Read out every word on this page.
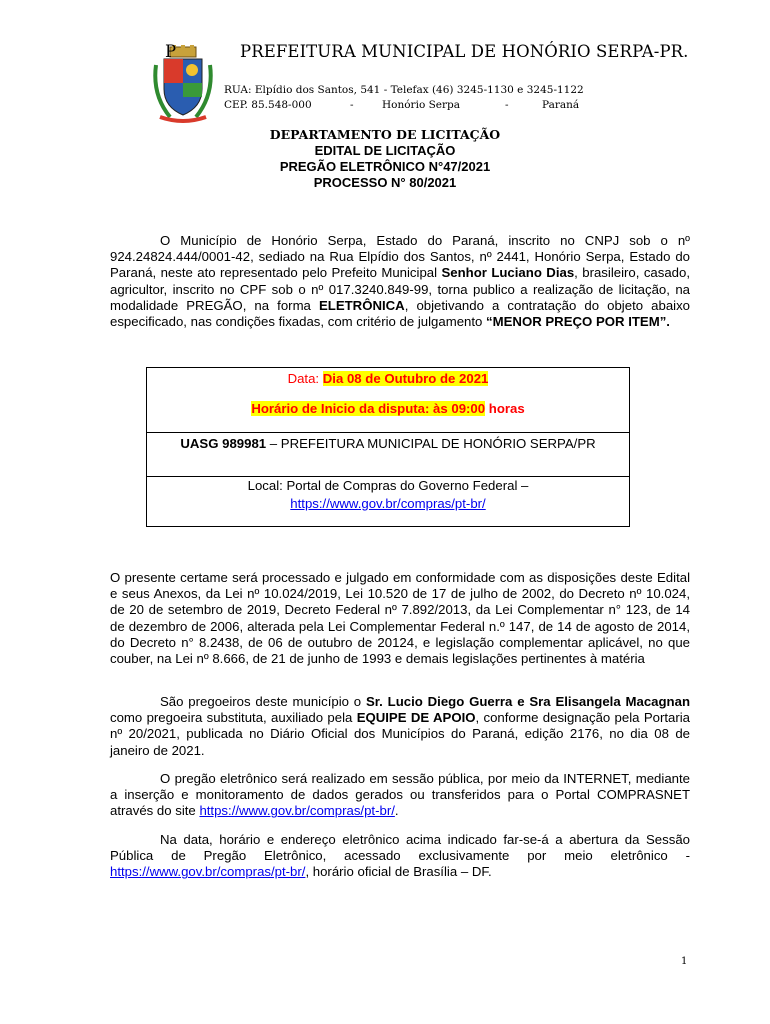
P	PREFEITURA MUNICIPAL DE HONÓRIO SERPA-PR.
RUA: Elpídio dos Santos, 541 - Telefax (46) 3245-1130 e 3245-1122
CEP. 85.548-000	-	Honório Serpa	-	Paraná
DEPARTAMENTO DE LICITAÇÃO
EDITAL DE LICITAÇÃO
PREGÃO ELETRÔNICO N°47/2021
PROCESSO N° 80/2021
O Município de Honório Serpa, Estado do Paraná, inscrito no CNPJ sob o nº 924.24824.444/0001-42, sediado na Rua Elpídio dos Santos, nº 2441, Honório Serpa, Estado do Paraná, neste ato representado pelo Prefeito Municipal Senhor Luciano Dias, brasileiro, casado, agricultor, inscrito no CPF sob o nº 017.3240.849-99, torna publico a realização de licitação, na modalidade PREGÃO, na forma ELETRÔNICA, objetivando a contratação do objeto abaixo especificado, nas condições fixadas, com critério de julgamento “MENOR PREÇO POR ITEM”.
Data: Dia 08 de Outubro de 2021
Horário de Inicio da disputa: às 09:00 horas
UASG 989981 – PREFEITURA MUNICIPAL DE HONÓRIO SERPA/PR
Local: Portal de Compras do Governo Federal –
https://www.gov.br/compras/pt-br/
O presente certame será processado e julgado em conformidade com as disposições deste Edital e seus Anexos, da Lei nº 10.024/2019, Lei 10.520 de 17 de julho de 2002, do Decreto nº 10.024, de 20 de setembro de 2019, Decreto Federal nº 7.892/2013, da Lei Complementar n° 123, de 14 de dezembro de 2006, alterada pela Lei Complementar Federal n.º 147, de 14 de agosto de 2014, do Decreto n° 8.2438, de 06 de outubro de 20124, e legislação complementar aplicável, no que couber, na Lei nº 8.666, de 21 de junho de 1993 e demais legislações pertinentes à matéria
São pregoeiros deste município o Sr. Lucio Diego Guerra e Sra Elisangela Macagnan como pregoeira substituta, auxiliado pela EQUIPE DE APOIO, conforme designação pela Portaria nº 20/2021, publicada no Diário Oficial dos Municípios do Paraná, edição 2176, no dia 08 de janeiro de 2021.
O pregão eletrônico será realizado em sessão pública, por meio da INTERNET, mediante a inserção e monitoramento de dados gerados ou transferidos para o Portal COMPRASNET através do site https://www.gov.br/compras/pt-br/.
Na data, horário e endereço eletrônico acima indicado far-se-á a abertura da Sessão Pública de Pregão Eletrônico, acessado exclusivamente por meio eletrônico - https://www.gov.br/compras/pt-br/, horário oficial de Brasília – DF.
1
